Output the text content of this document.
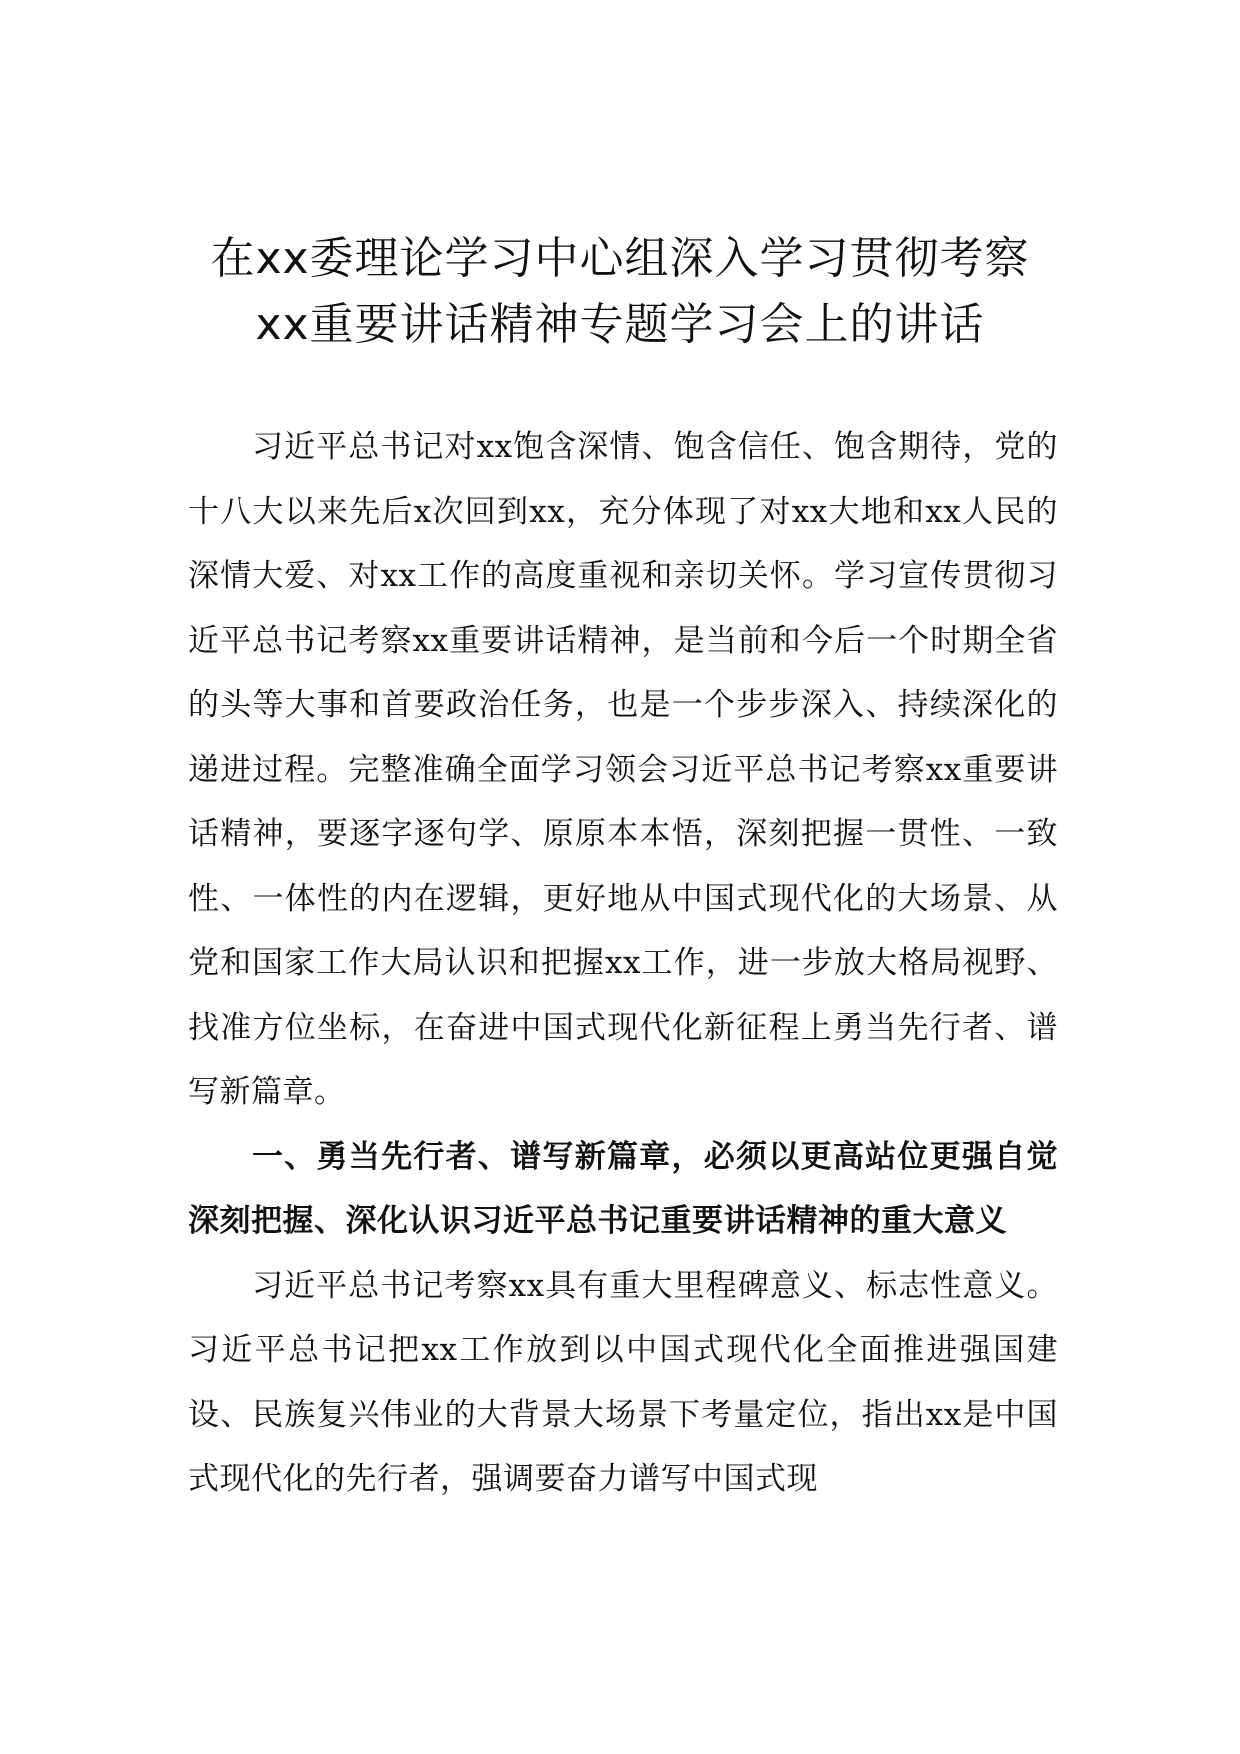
在xx委理论学习中心组深入学习贯彻考察
xx重要讲话精神专题学习会上的讲话

习近平总书记对xx饱含深情、饱含信任、饱含期待，党的十八大以来先后x次回到xx，充分体现了对xx大地和xx人民的深情大爱、对xx工作的高度重视和亲切关怀。学习宣传贯彻习近平总书记考察xx重要讲话精神，是当前和今后一个时期全省的头等大事和首要政治任务，也是一个步步深入、持续深化的递进过程。完整准确全面学习领会习近平总书记考察xx重要讲话精神，要逐字逐句学、原原本本悟，深刻把握一贯性、一致性、一体性的内在逻辑，更好地从中国式现代化的大场景、从党和国家工作大局认识和把握xx工作，进一步放大格局视野、找准方位坐标，在奋进中国式现代化新征程上勇当先行者、谱写新篇章。

一、勇当先行者、谱写新篇章，必须以更高站位更强自觉深刻把握、深化认识习近平总书记重要讲话精神的重大意义

习近平总书记考察xx具有重大里程碑意义、标志性意义。习近平总书记把xx工作放到以中国式现代化全面推进强国建设、民族复兴伟业的大背景大场景下考量定位，指出xx是中国式现代化的先行者，强调要奋力谱写中国式现
